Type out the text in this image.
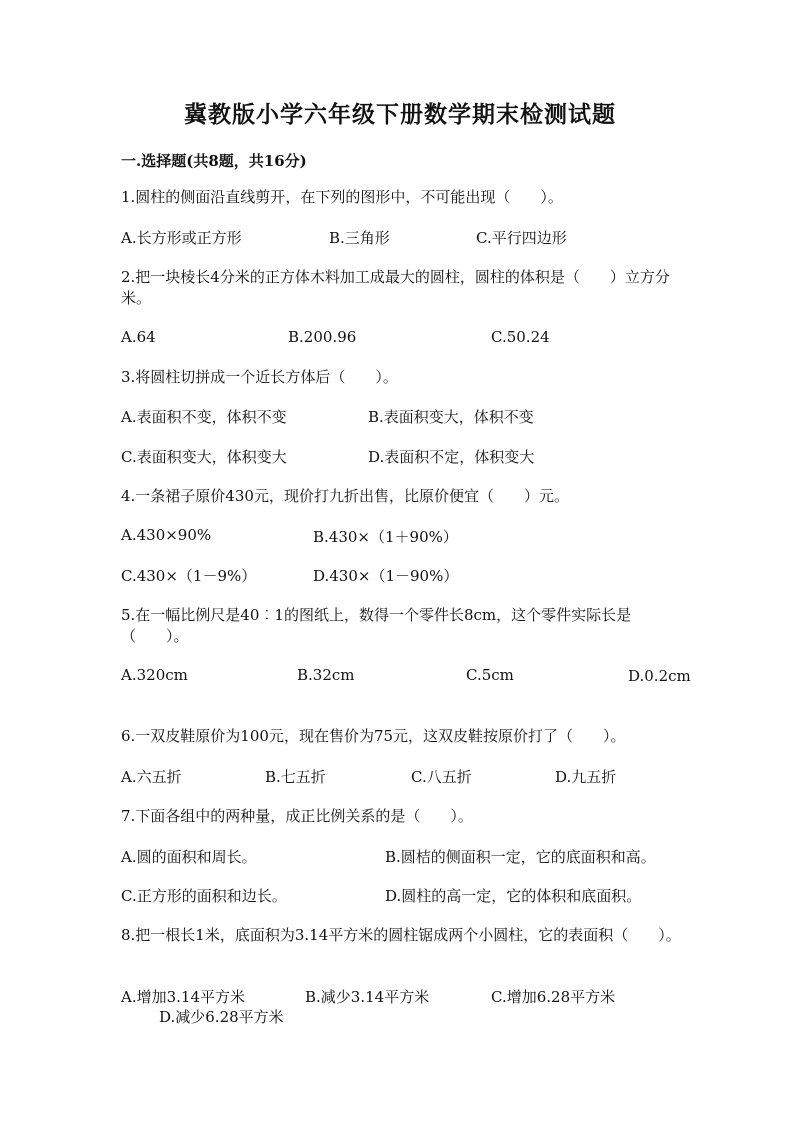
冀教版小学六年级下册数学期末检测试题
一.选择题(共8题，共16分)
1.圆柱的侧面沿直线剪开，在下列的图形中，不可能出现（　　）。
A.长方形或正方形	B.三角形	C.平行四边形
2.把一块棱长4分米的正方体木料加工成最大的圆柱，圆柱的体积是（　　）立方分米。
A.64	B.200.96	C.50.24
3.将圆柱切拼成一个近长方体后（　　）。
A.表面积不变，体积不变	B.表面积变大，体积不变
C.表面积变大，体积变大	D.表面积不定，体积变大
4.一条裙子原价430元，现价打九折出售，比原价便宜（　　）元。
A.430×90%	B.430×（1＋90%）
C.430×（1－9%）	D.430×（1－90%）
5.在一幅比例尺是40︰1的图纸上，数得一个零件长8cm，这个零件实际长是（　　）。
A.320cm	B.32cm	C.5cm	D.0.2cm
6.一双皮鞋原价为100元，现在售价为75元，这双皮鞋按原价打了（　　）。
A.六五折	B.七五折	C.八五折	D.九五折
7.下面各组中的两种量，成正比例关系的是（　　）。
A.圆的面积和周长。	B.圆桔的侧面积一定，它的底面积和高。
C.正方形的面积和边长。	D.圆柱的高一定，它的体积和底面积。
8.把一根长1米，底面积为3.14平方米的圆柱锯成两个小圆柱，它的表面积（　　）。
A.增加3.14平方米	B.减少3.14平方米	C.增加6.28平方米
D.减少6.28平方米
